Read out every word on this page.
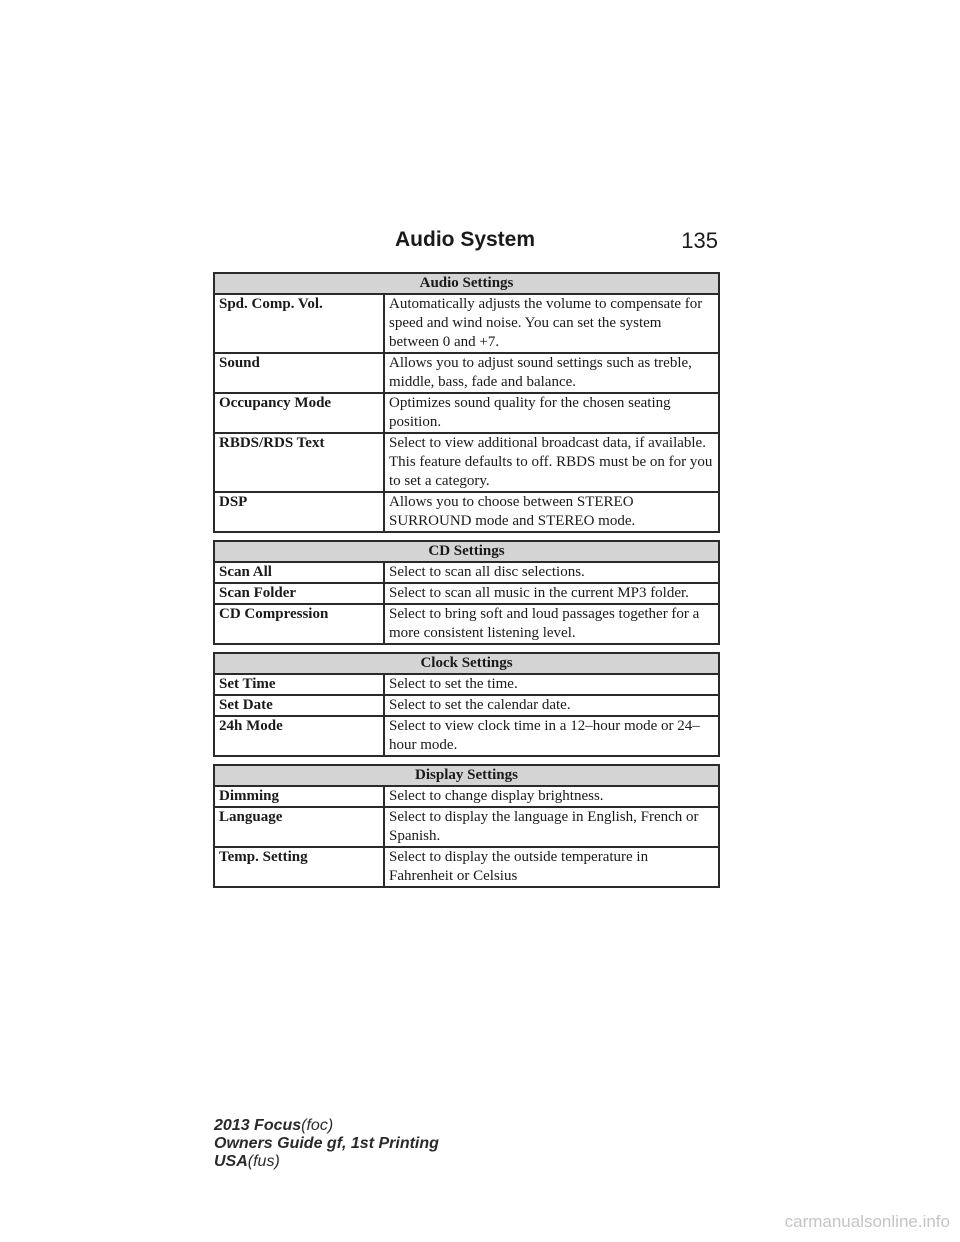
Audio System	135
Audio Settings	
Spd. Comp. Vol.	Automatically adjusts the volume to compensate for speed and wind noise. You can set the system between 0 and +7.
Sound	Allows you to adjust sound settings such as treble, middle, bass, fade and balance.
Occupancy Mode	Optimizes sound quality for the chosen seating position.
RBDS/RDS Text	Select to view additional broadcast data, if available. This feature defaults to off. RBDS must be on for you to set a category.
DSP	Allows you to choose between STEREO SURROUND mode and STEREO mode.
CD Settings	
Scan All	Select to scan all disc selections.
Scan Folder	Select to scan all music in the current MP3 folder.
CD Compression	Select to bring soft and loud passages together for a more consistent listening level.
Clock Settings	
Set Time	Select to set the time.
Set Date	Select to set the calendar date.
24h Mode	Select to view clock time in a 12–hour mode or 24–hour mode.
Display Settings	
Dimming	Select to change display brightness.
Language	Select to display the language in English, French or Spanish.
Temp. Setting	Select to display the outside temperature in Fahrenheit or Celsius
2013 Focus(foc)
Owners Guide gf, 1st Printing
USA(fus)
carmanualsonline.info
